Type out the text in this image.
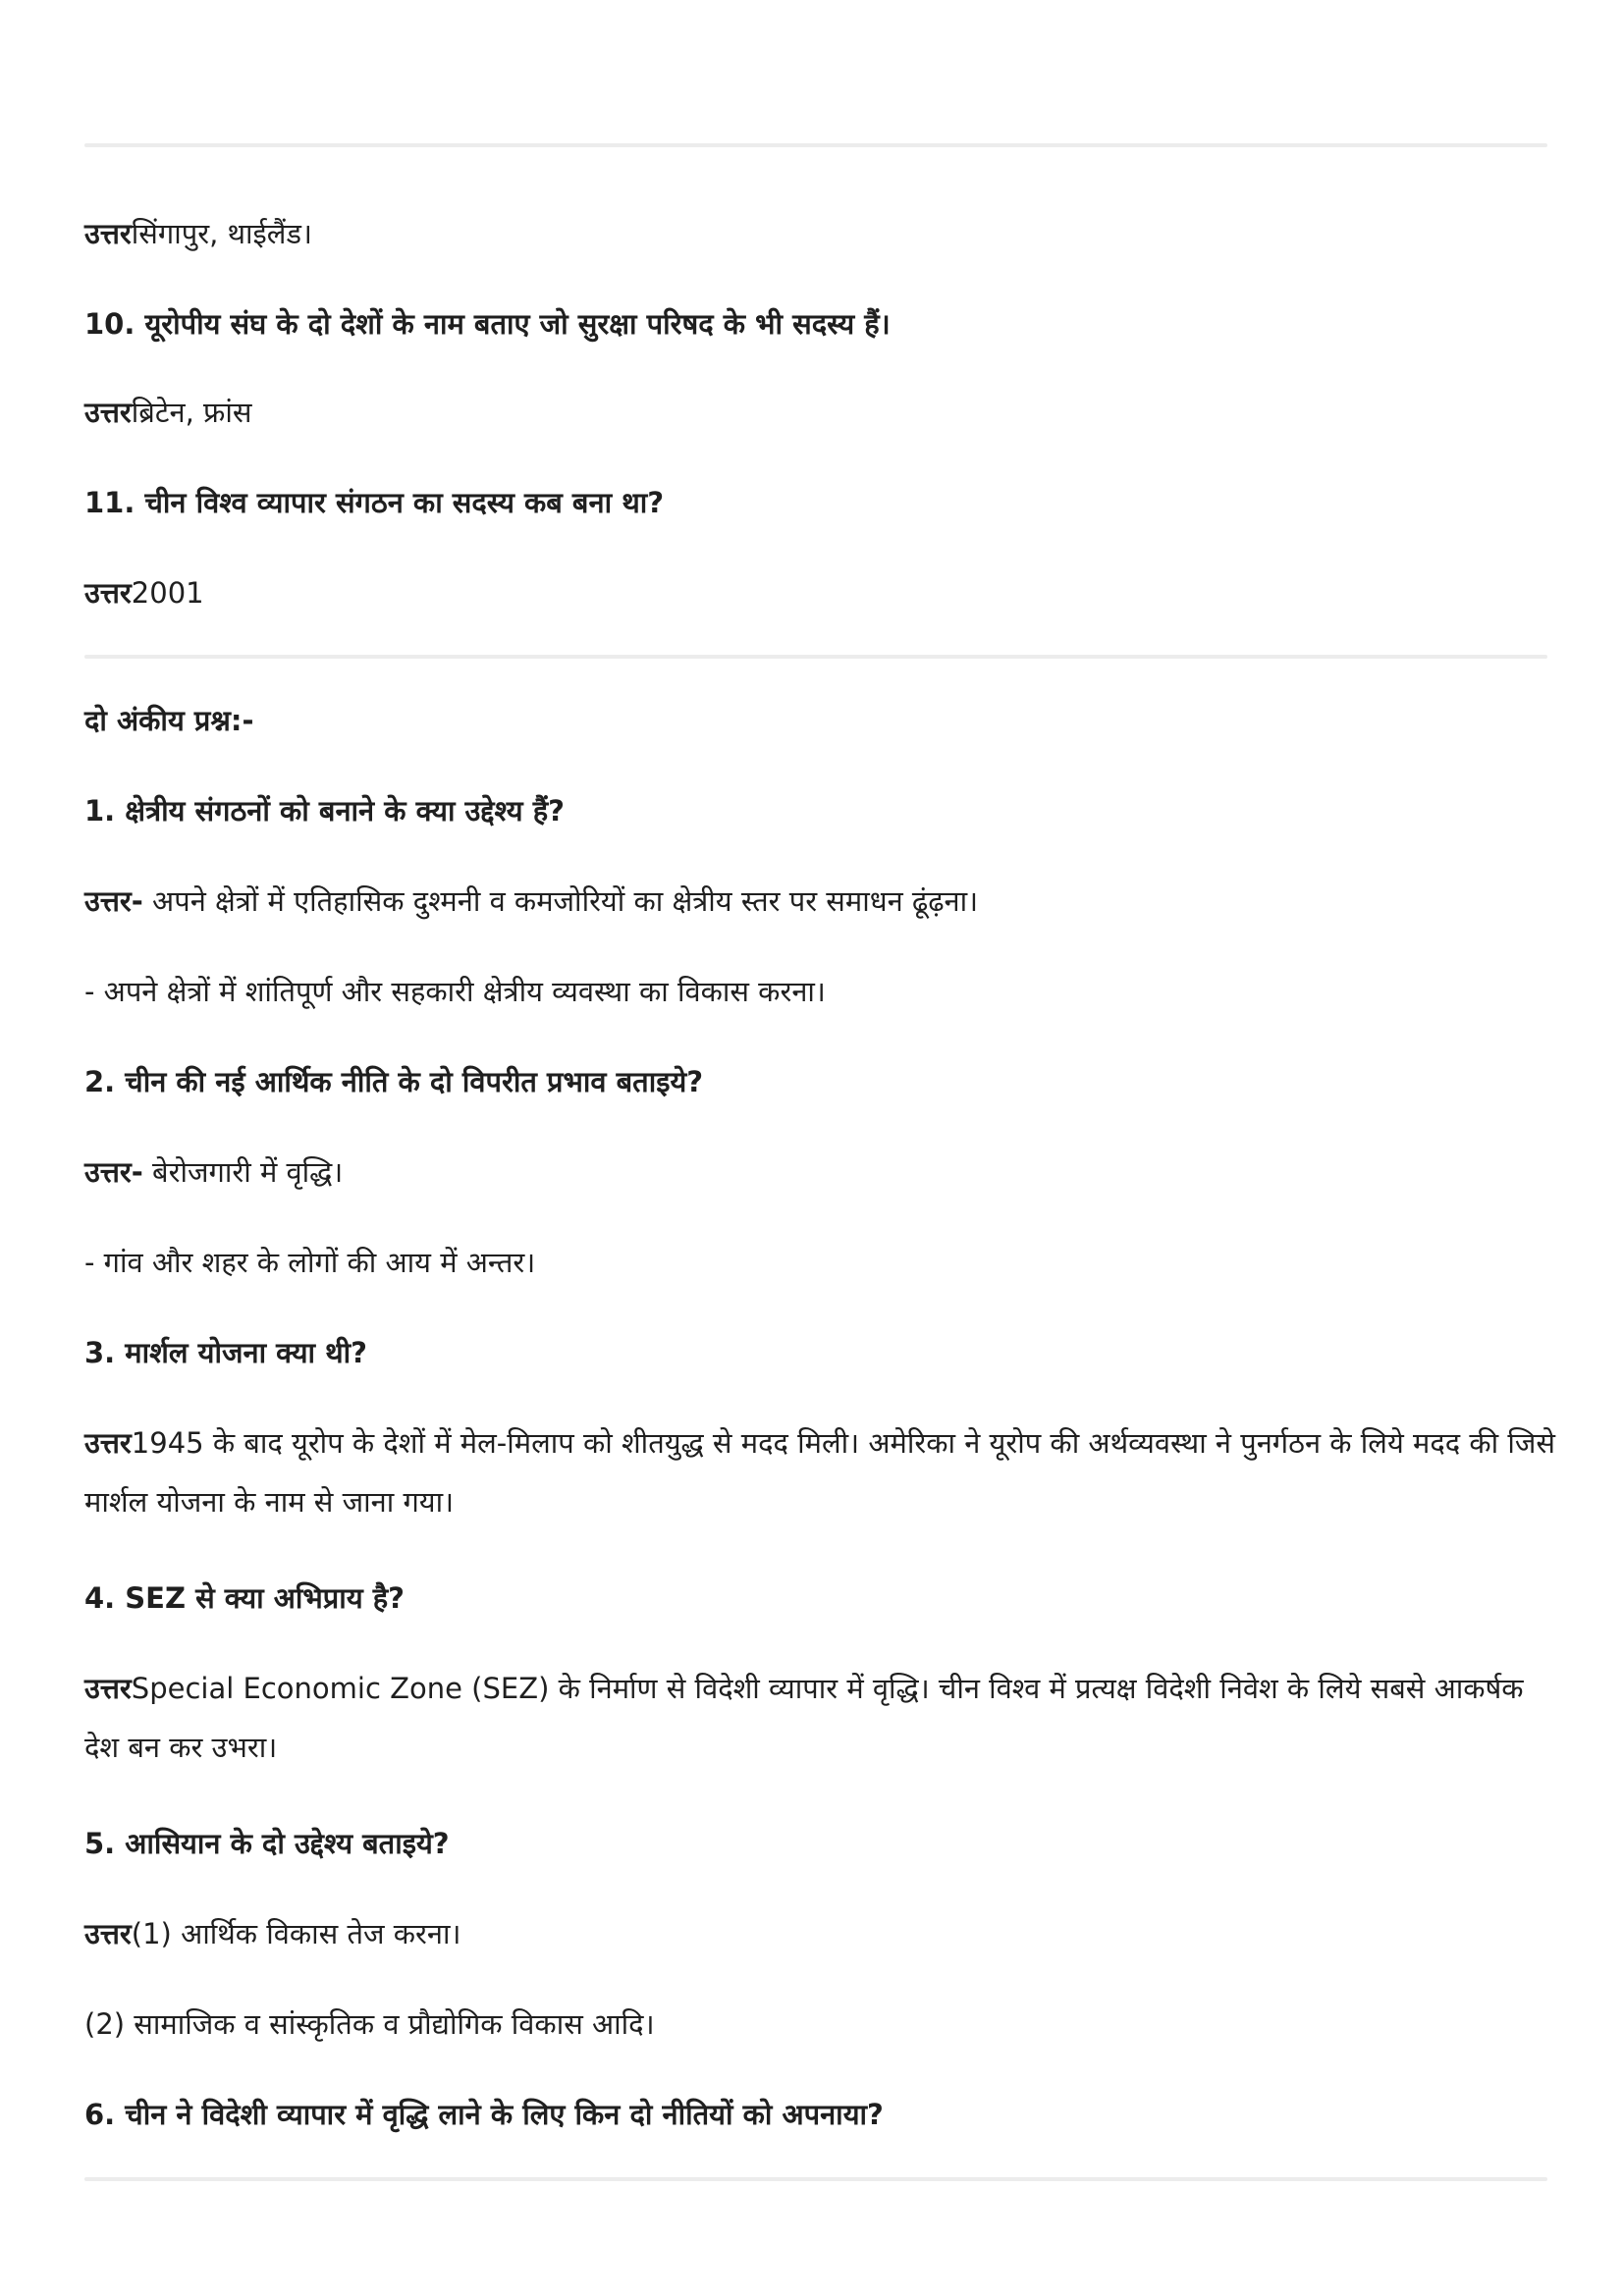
उत्तरसिंगापुर, थाईलैंड।
10. यूरोपीय संघ के दो देशों के नाम बताए जो सुरक्षा परिषद के भी सदस्य हैं।
उत्तरब्रिटेन, फ्रांस
11. चीन विश्व व्यापार संगठन का सदस्य कब बना था?
उत्तर2001
दो अंकीय प्रश्न:-
1. क्षेत्रीय संगठनों को बनाने के क्या उद्देश्य हैं?
उत्तर- अपने क्षेत्रों में एतिहासिक दुश्मनी व कमजोरियों का क्षेत्रीय स्तर पर समाधन ढूंढ़ना।
- अपने क्षेत्रों में शांतिपूर्ण और सहकारी क्षेत्रीय व्यवस्था का विकास करना।
2. चीन की नई आर्थिक नीति के दो विपरीत प्रभाव बताइये?
उत्तर- बेरोजगारी में वृद्धि।
- गांव और शहर के लोगों की आय में अन्तर।
3. मार्शल योजना क्या थी?
उत्तर1945 के बाद यूरोप के देशों में मेल-मिलाप को शीतयुद्ध से मदद मिली। अमेरिका ने यूरोप की अर्थव्यवस्था ने पुनर्गठन के लिये मदद की जिसे मार्शल योजना के नाम से जाना गया।
4. SEZ से क्या अभिप्राय है?
उत्तरSpecial Economic Zone (SEZ) के निर्माण से विदेशी व्यापार में वृद्धि। चीन विश्व में प्रत्यक्ष विदेशी निवेश के लिये सबसे आकर्षक देश बन कर उभरा।
5. आसियान के दो उद्देश्य बताइये?
उत्तर(1) आर्थिक विकास तेज करना।
(2) सामाजिक व सांस्कृतिक व प्रौद्योगिक विकास आदि।
6. चीन ने विदेशी व्यापार में वृद्धि लाने के लिए किन दो नीतियों को अपनाया?
